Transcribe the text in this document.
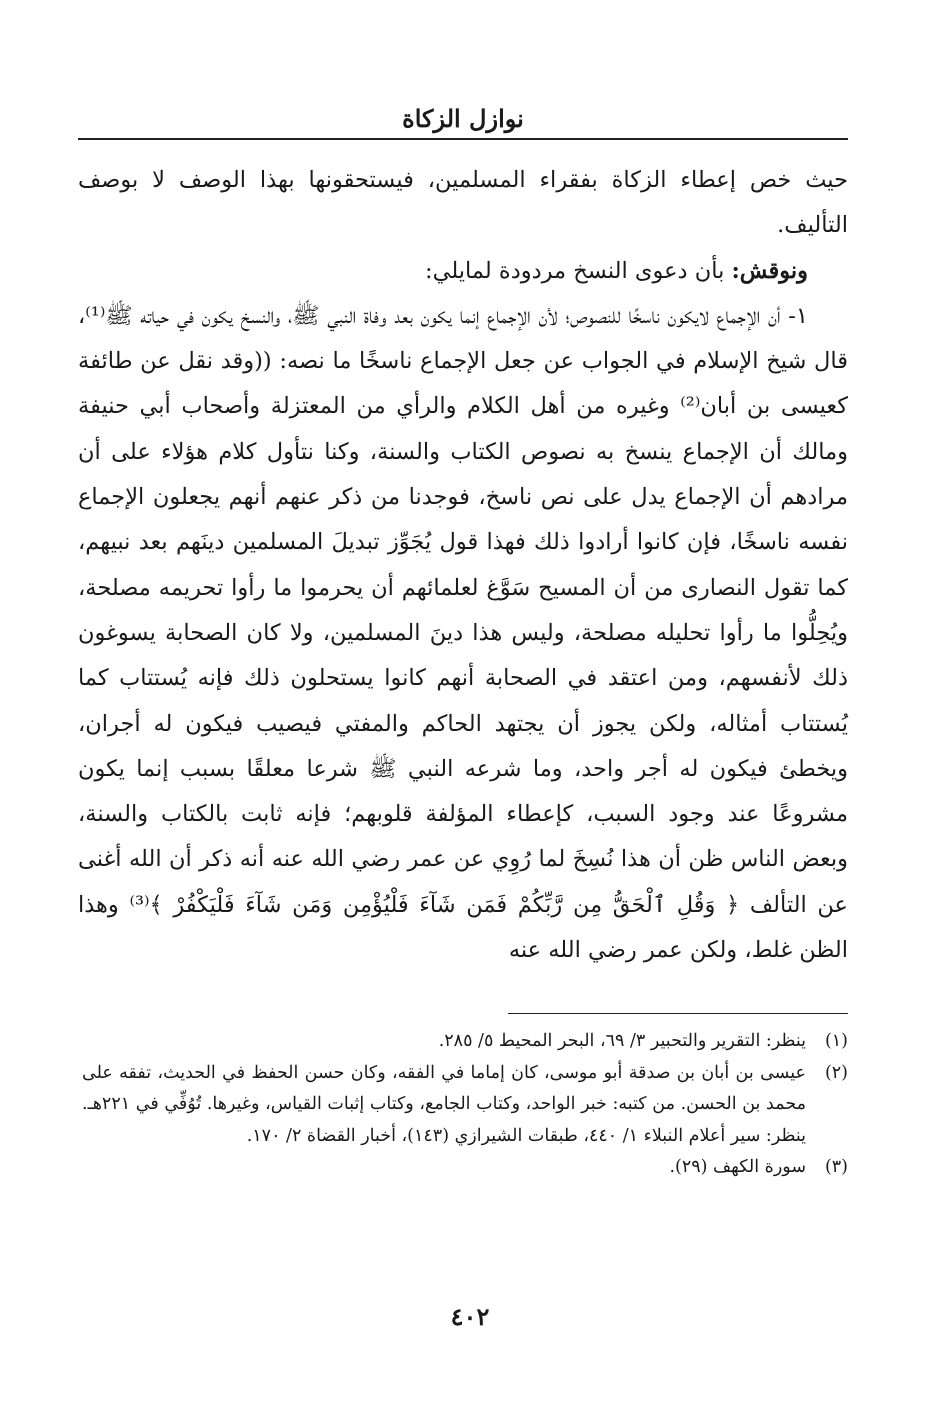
نوازل الزكاة

حيث خص إعطاء الزكاة بفقراء المسلمين، فيستحقونها بهذا الوصف لا بوصف التأليف.

ونوقش: بأن دعوى النسخ مردودة لمايلي:

١- أن الإجماع لايكون ناسخًا للنصوص؛ لأن الإجماع إنما يكون بعد وفاة النبي ﷺ، والنسخ يكون في حياته ﷺ⁽¹⁾، قال شيخ الإسلام في الجواب عن جعل الإجماع ناسخًا ما نصه: ((وقد نقل عن طائفة كعيسى بن أبان⁽²⁾ وغيره من أهل الكلام والرأي من المعتزلة وأصحاب أبي حنيفة ومالك أن الإجماع ينسخ به نصوص الكتاب والسنة، وكنا نتأول كلام هؤلاء على أن مرادهم أن الإجماع يدل على نص ناسخ، فوجدنا من ذكر عنهم أنهم يجعلون الإجماع نفسه ناسخًا، فإن كانوا أرادوا ذلك فهذا قول يُجَوِّز تبديلَ المسلمين دينَهم بعد نبيهم، كما تقول النصارى من أن المسيح سَوَّغ لعلمائهم أن يحرموا ما رأوا تحريمه مصلحة، ويُحِلُّوا ما رأوا تحليله مصلحة، وليس هذا دينَ المسلمين، ولا كان الصحابة يسوغون ذلك لأنفسهم، ومن اعتقد في الصحابة أنهم كانوا يستحلون ذلك فإنه يُستتاب كما يُستتاب أمثاله، ولكن يجوز أن يجتهد الحاكم والمفتي فيصيب فيكون له أجران، ويخطئ فيكون له أجر واحد، وما شرعه النبي ﷺ شرعا معلقًا بسبب إنما يكون مشروعًا عند وجود السبب، كإعطاء المؤلفة قلوبهم؛ فإنه ثابت بالكتاب والسنة، وبعض الناس ظن أن هذا نُسِخَ لما رُوِي عن عمر رضي الله عنه أنه ذكر أن الله أغنى عن التألف ﴿ وَقُلِ ٱلْحَقُّ مِن رَّبِّكُمْ فَمَن شَآءَ فَلْيُؤْمِن وَمَن شَآءَ فَلْيَكْفُرْ ﴾⁽³⁾ وهذا الظن غلط، ولكن عمر رضي الله عنه

(١)
ينظر: التقرير والتحبير ٣/ ٦٩، البحر المحيط ٥/ ٢٨٥.
(٢)
عيسى بن أبان بن صدقة أبو موسى، كان إماما في الفقه، وكان حسن الحفظ في الحديث، تفقه على محمد بن الحسن. من كتبه: خبر الواحد، وكتاب الجامع، وكتاب إثبات القياس، وغيرها. تُوُفِّي في ٢٢١هـ. ينظر: سير أعلام النبلاء ١/ ٤٤٠، طبقات الشيرازي (١٤٣)، أخبار القضاة ٢/ ١٧٠.
(٣)
سورة الكهف (٢٩).
٤٠٢
